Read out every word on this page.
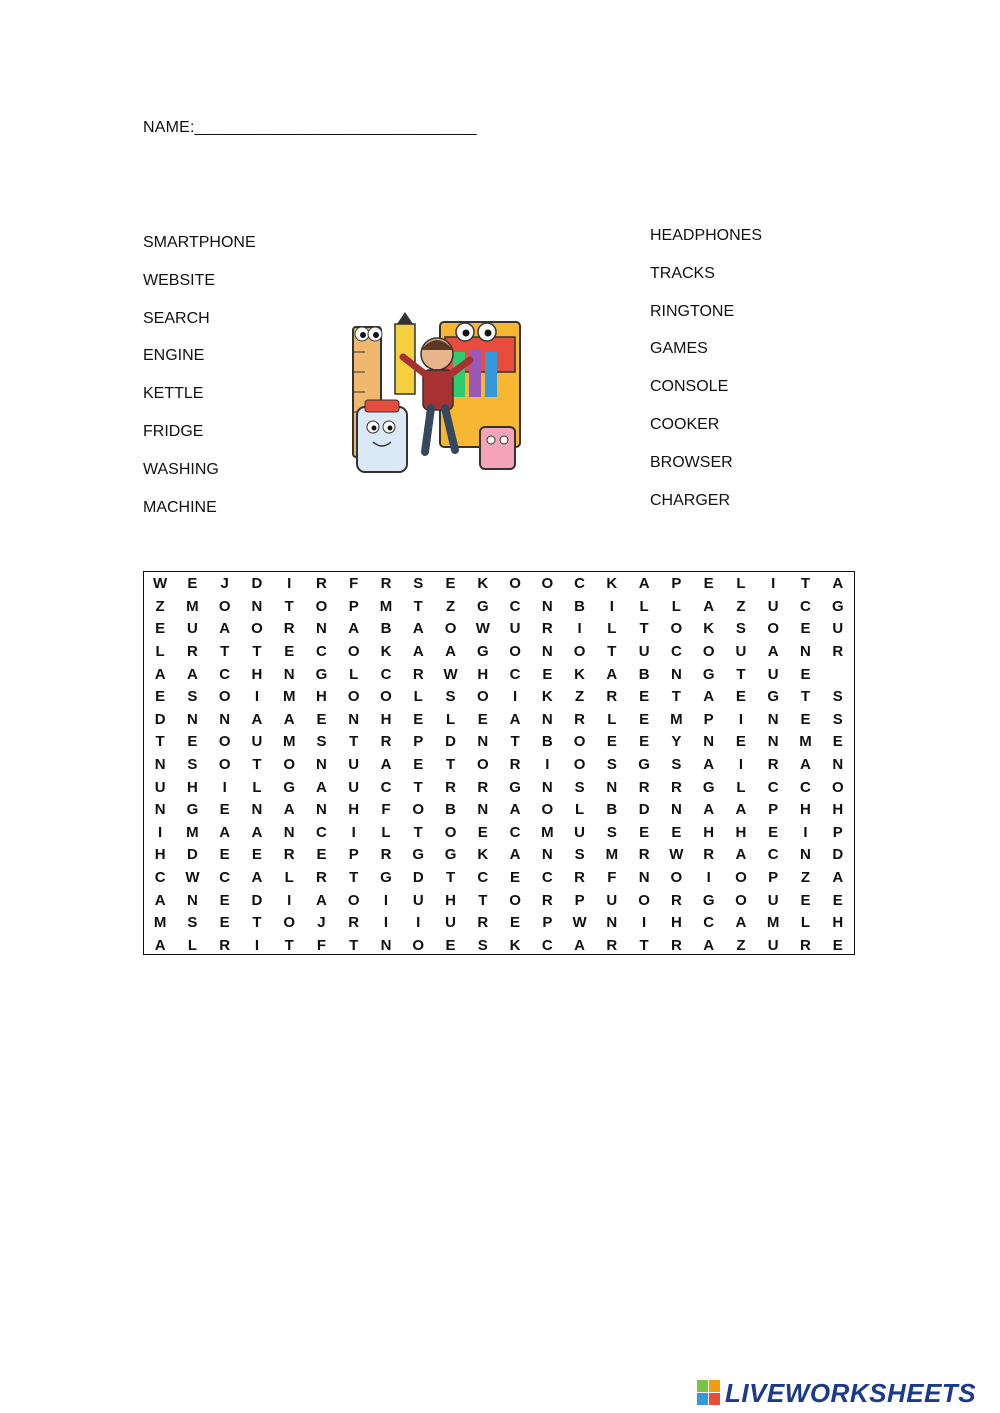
NAME:_______________________________
SMARTPHONE
WEBSITE
SEARCH
ENGINE
KETTLE
FRIDGE
WASHING
MACHINE
HEADPHONES
TRACKS
RINGTONE
GAMES
CONSOLE
COOKER
BROWSER
CHARGER
W	E	J	D	I	R	F	R	S	E	K	O	O	C	K	A	P	E	L	I	T	A
Z	M	O	N	T	O	P	M	T	Z	G	C	N	B	I	L	L	A	Z	U	C	G
E	U	A	O	R	N	A	B	A	O	W	U	R	I	L	T	O	K	S	O	E	U
L	R	T	T	E	C	O	K	A	A	G	O	N	O	T	U	C	O	U	A	N	R
A	A	C	H	N	G	L	C	R	W	H	C	E	K	A	B	N	G	T	U	E	
E	S	O	I	M	H	O	O	L	S	O	I	K	Z	R	E	T	A	E	G	T	S
D	N	N	A	A	E	N	H	E	L	E	A	N	R	L	E	M	P	I	N	E	S
T	E	O	U	M	S	T	R	P	D	N	T	B	O	E	E	Y	N	E	N	M	E
N	S	O	T	O	N	U	A	E	T	O	R	I	O	S	G	S	A	I	R	A	N
U	H	I	L	G	A	U	C	T	R	R	G	N	S	N	R	R	G	L	C	C	O
N	G	E	N	A	N	H	F	O	B	N	A	O	L	B	D	N	A	A	P	H	H
I	M	A	A	N	C	I	L	T	O	E	C	M	U	S	E	E	H	H	E	I	P
H	D	E	E	R	E	P	R	G	G	K	A	N	S	M	R	W	R	A	C	N	D
C	W	C	A	L	R	T	G	D	T	C	E	C	R	F	N	O	I	O	P	Z	A
A	N	E	D	I	A	O	I	U	H	T	O	R	P	U	O	R	G	O	U	E	E
M	S	E	T	O	J	R	I	I	U	R	E	P	W	N	I	H	C	A	M	L	H
A	L	R	I	T	F	T	N	O	E	S	K	C	A	R	T	R	A	Z	U	R	E
LIVEWORKSHEETS
